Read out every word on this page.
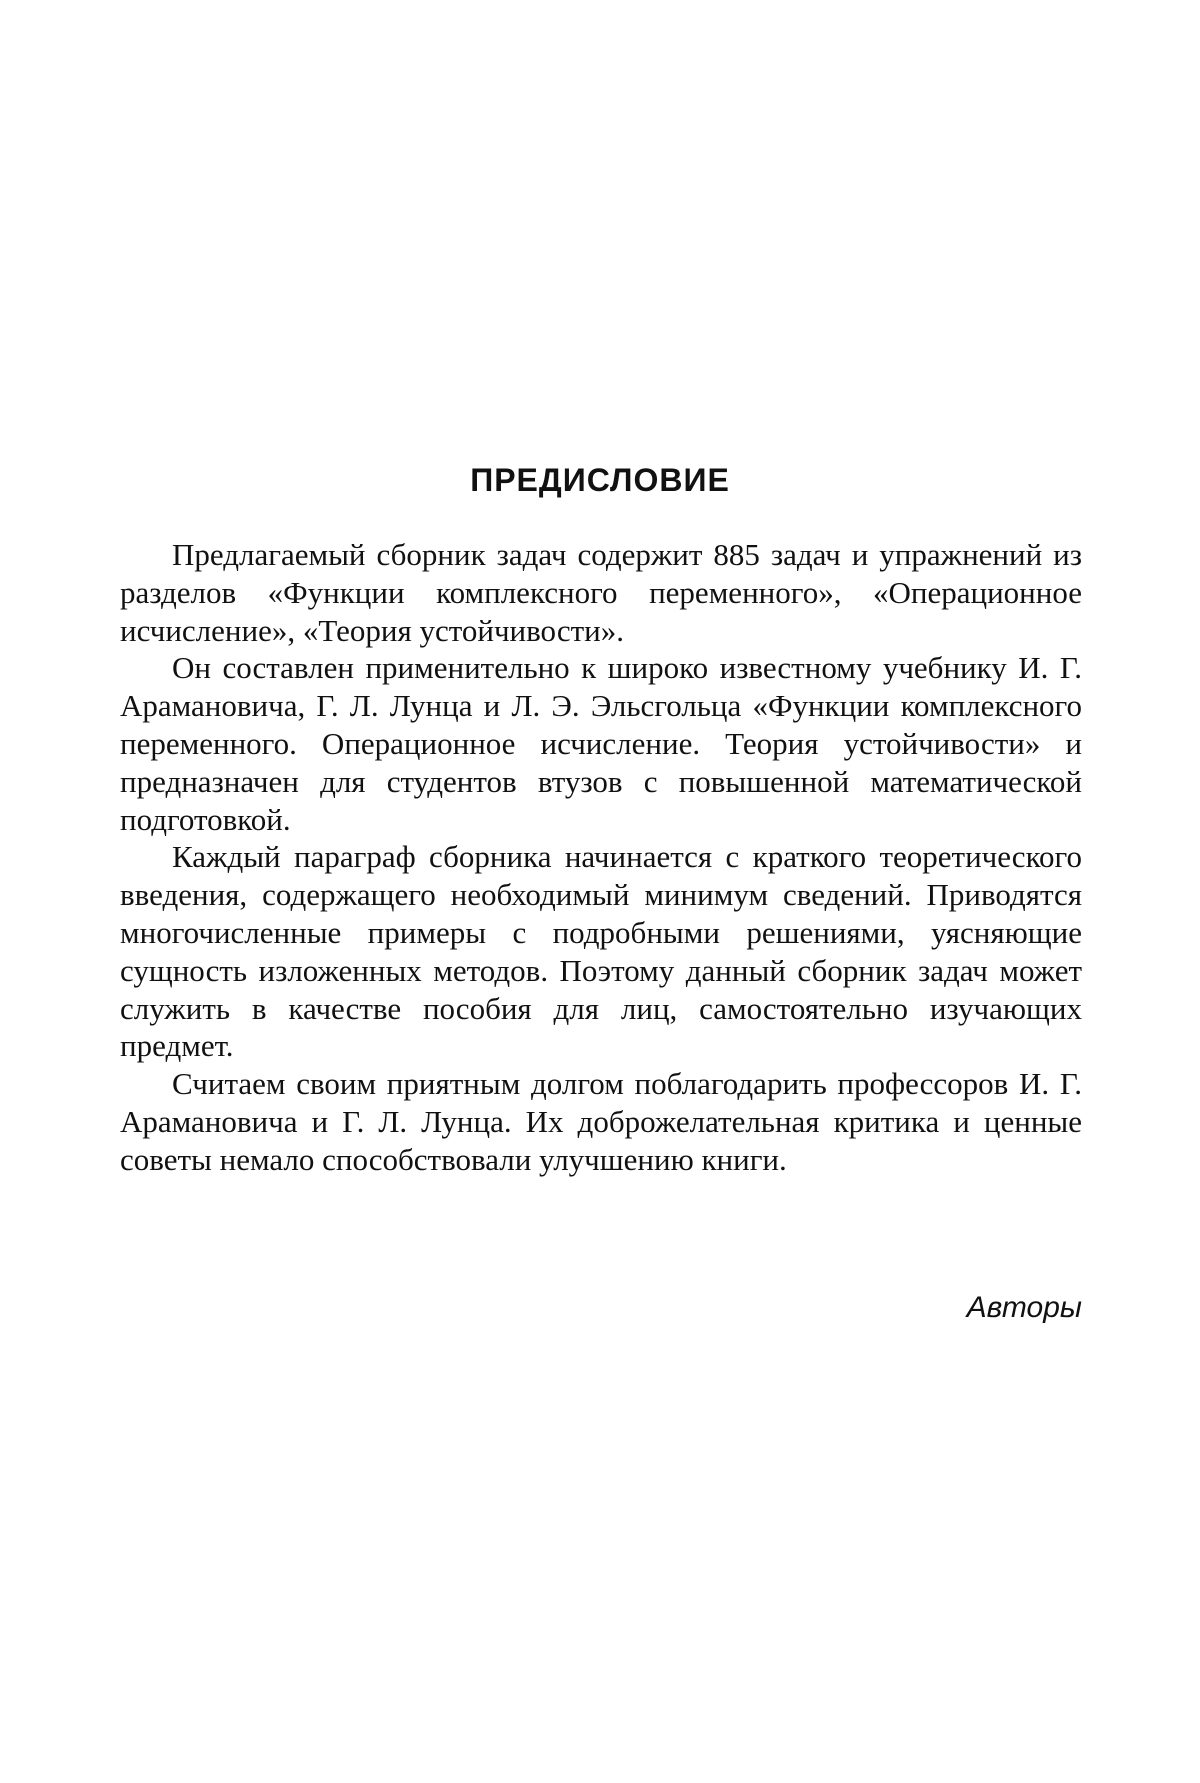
ПРЕДИСЛОВИЕ

Предлагаемый сборник задач содержит 885 задач и упражнений из разделов «Функции комплексного переменного», «Операционное исчисление», «Теория устойчивости».

Он составлен применительно к широко известному учебнику И. Г. Арамановича, Г. Л. Лунца и Л. Э. Эльсгольца «Функции комплексного переменного. Операционное исчисление. Теория устойчивости» и предназначен для студентов втузов с повышенной математической подготовкой.

Каждый параграф сборника начинается с краткого теоретического введения, содержащего необходимый минимум сведений. Приводятся многочисленные примеры с подробными решениями, уясняющие сущность изложенных методов. Поэтому данный сборник задач может служить в качестве пособия для лиц, самостоятельно изучающих предмет.

Считаем своим приятным долгом поблагодарить профессоров И. Г. Арамановича и Г. Л. Лунца. Их доброжелательная критика и ценные советы немало способствовали улучшению книги.

Авторы
